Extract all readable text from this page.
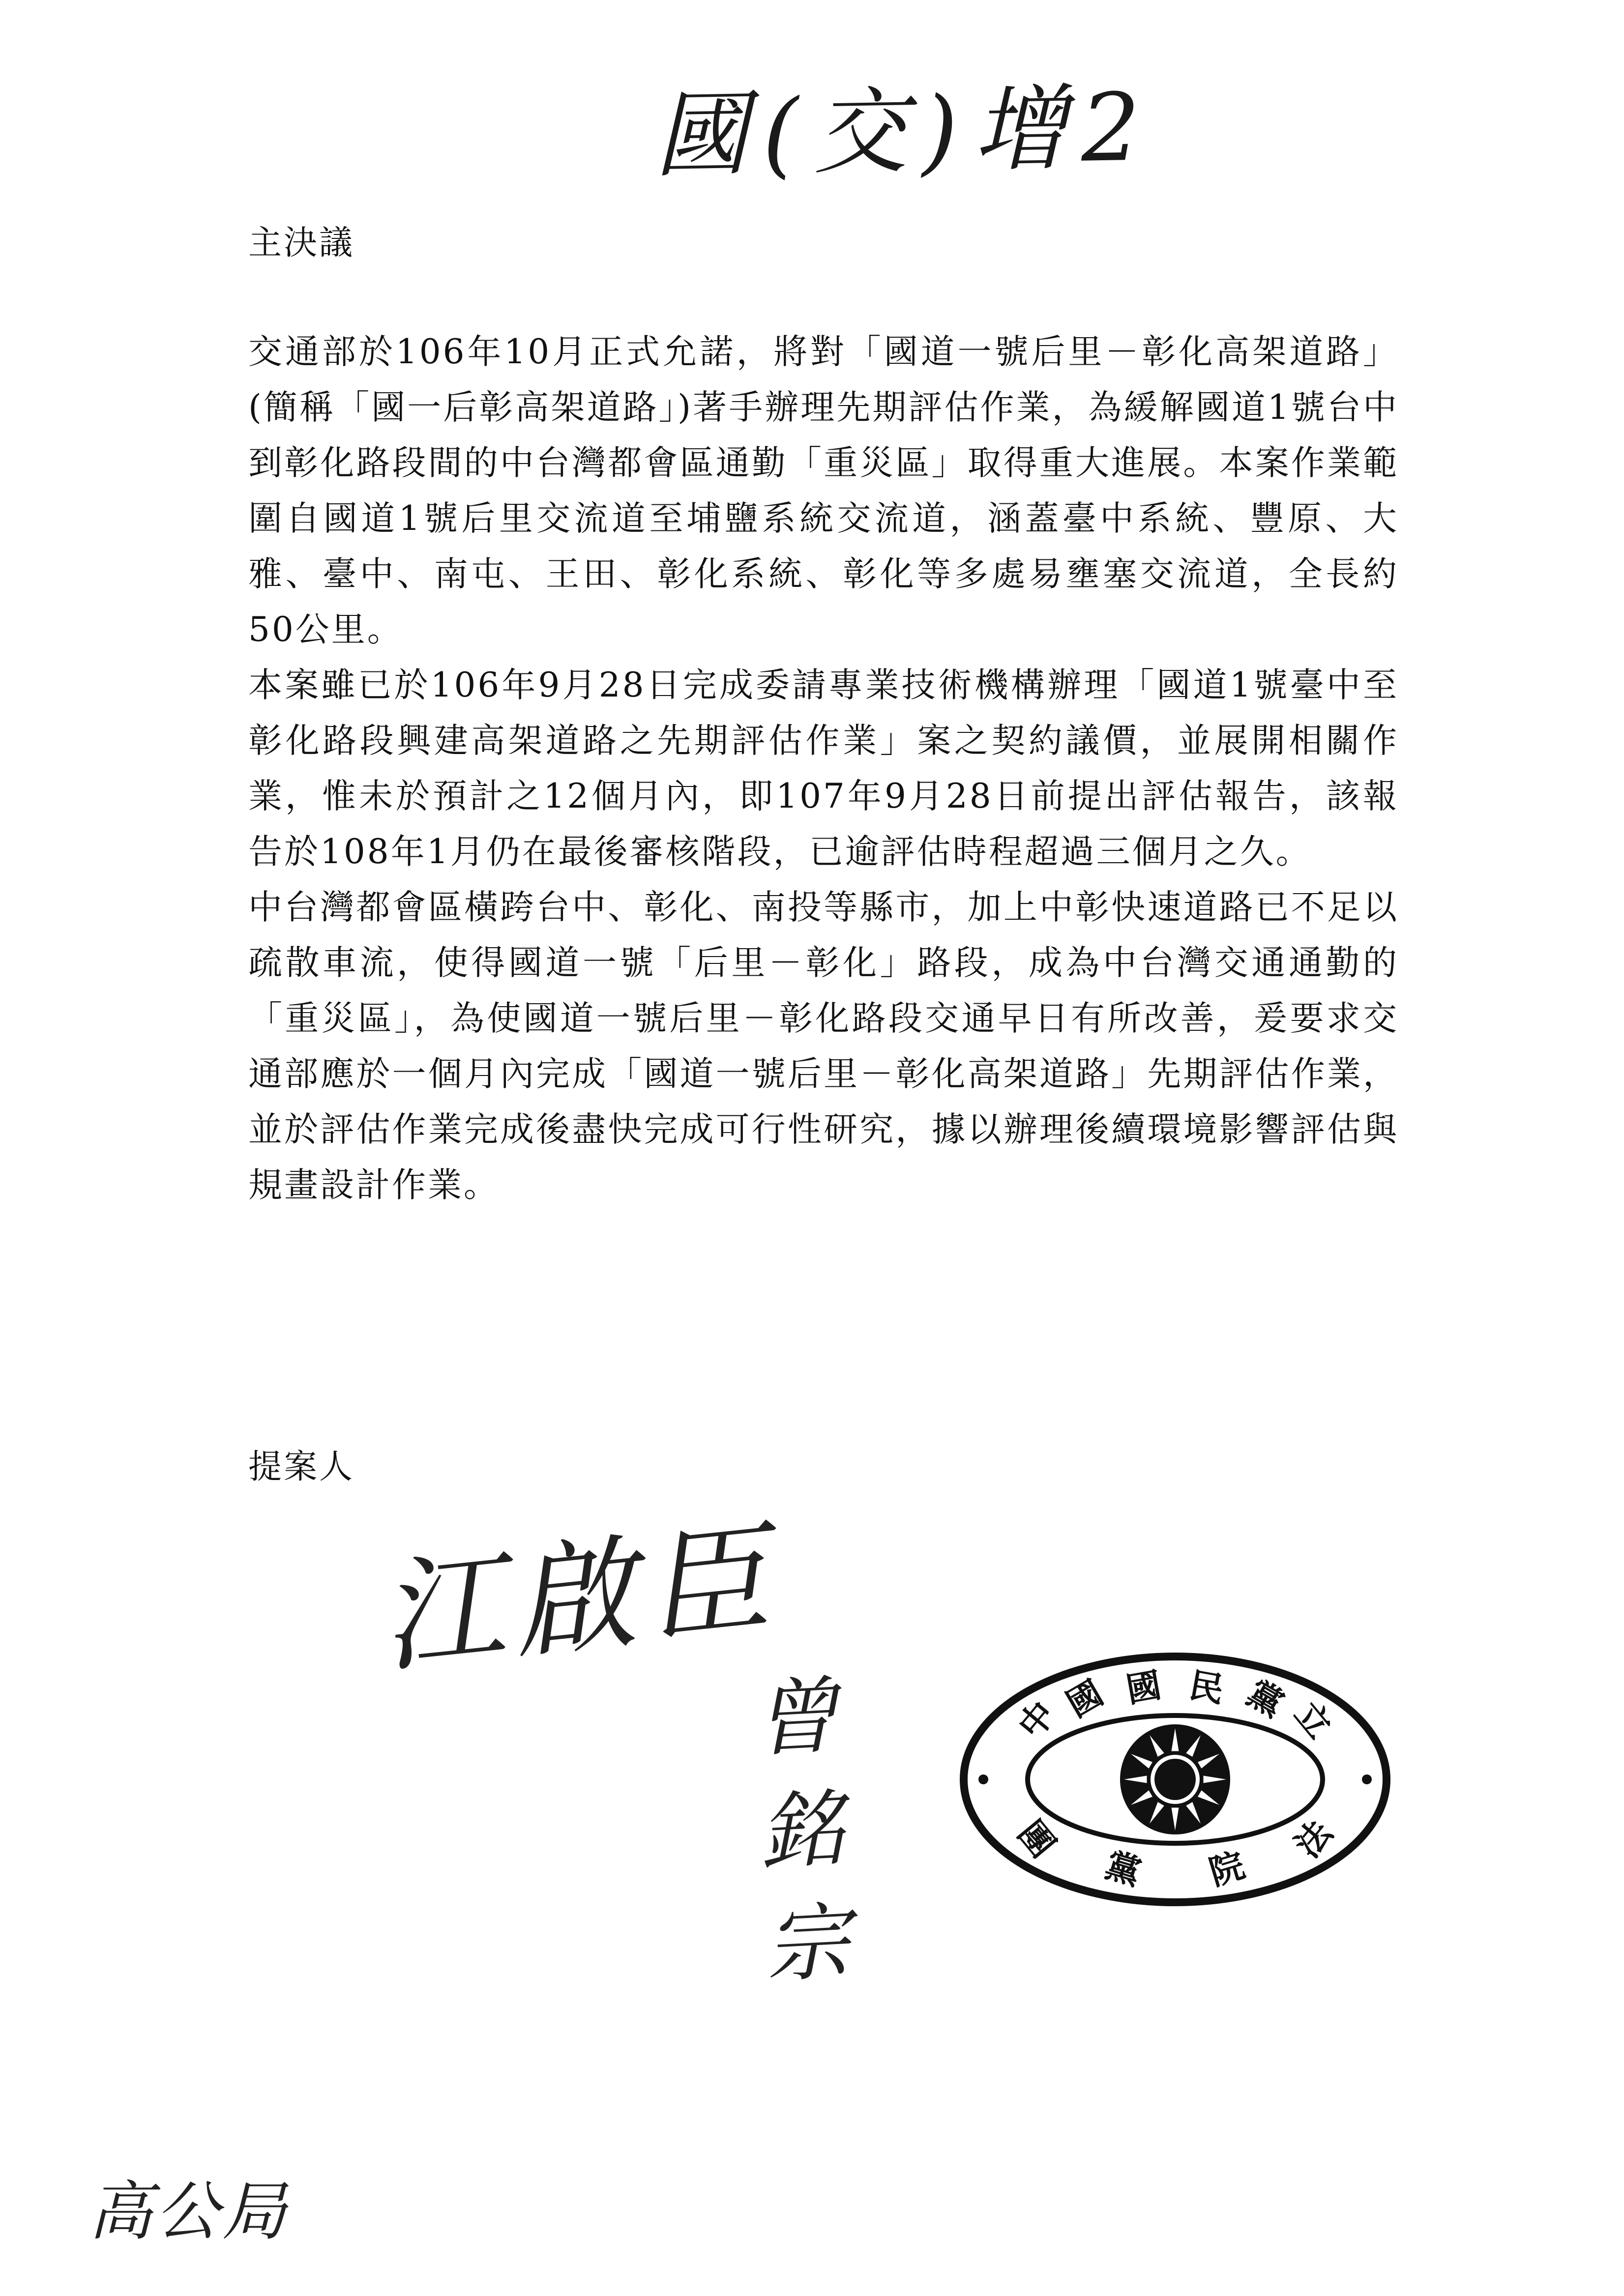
國(交)增2
主決議

交通部於106年10月正式允諾，將對「國道一號后里－彰化高架道路」(簡稱「國一后彰高架道路」)著手辦理先期評估作業，為緩解國道1號台中到彰化路段間的中台灣都會區通勤「重災區」取得重大進展。本案作業範圍自國道1號后里交流道至埔鹽系統交流道，涵蓋臺中系統、豐原、大雅、臺中、南屯、王田、彰化系統、彰化等多處易壅塞交流道，全長約50公里。

本案雖已於106年9月28日完成委請專業技術機構辦理「國道1號臺中至彰化路段興建高架道路之先期評估作業」案之契約議價，並展開相關作業，惟未於預計之12個月內，即107年9月28日前提出評估報告，該報告於108年1月仍在最後審核階段，已逾評估時程超過三個月之久。

中台灣都會區橫跨台中、彰化、南投等縣市，加上中彰快速道路已不足以疏散車流，使得國道一號「后里－彰化」路段，成為中台灣交通通勤的「重災區」，為使國道一號后里－彰化路段交通早日有所改善，爰要求交通部應於一個月內完成「國道一號后里－彰化高架道路」先期評估作業，並於評估作業完成後盡快完成可行性研究，據以辦理後續環境影響評估與規畫設計作業。

提案人
江啟臣
曾銘宗
高公局
中
國 國 民 黨
立
法
院
黨
團
